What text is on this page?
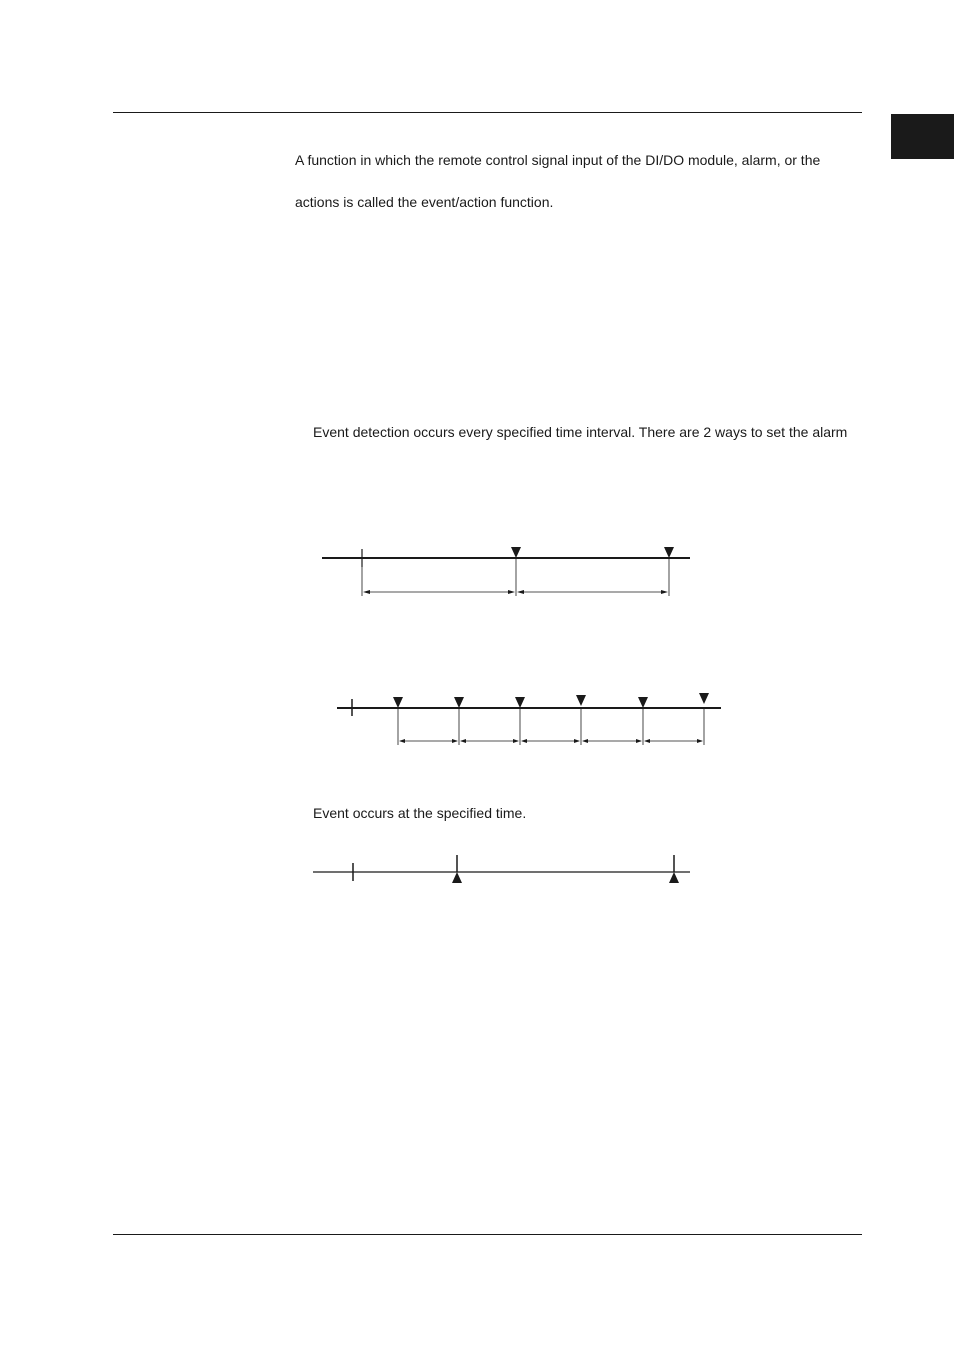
A function in which the remote control signal input of the DI/DO module, alarm, or the
actions is called the event/action function.
Event detection occurs every specified time interval. There are 2 ways to set the alarm
Event occurs at the specified time.
